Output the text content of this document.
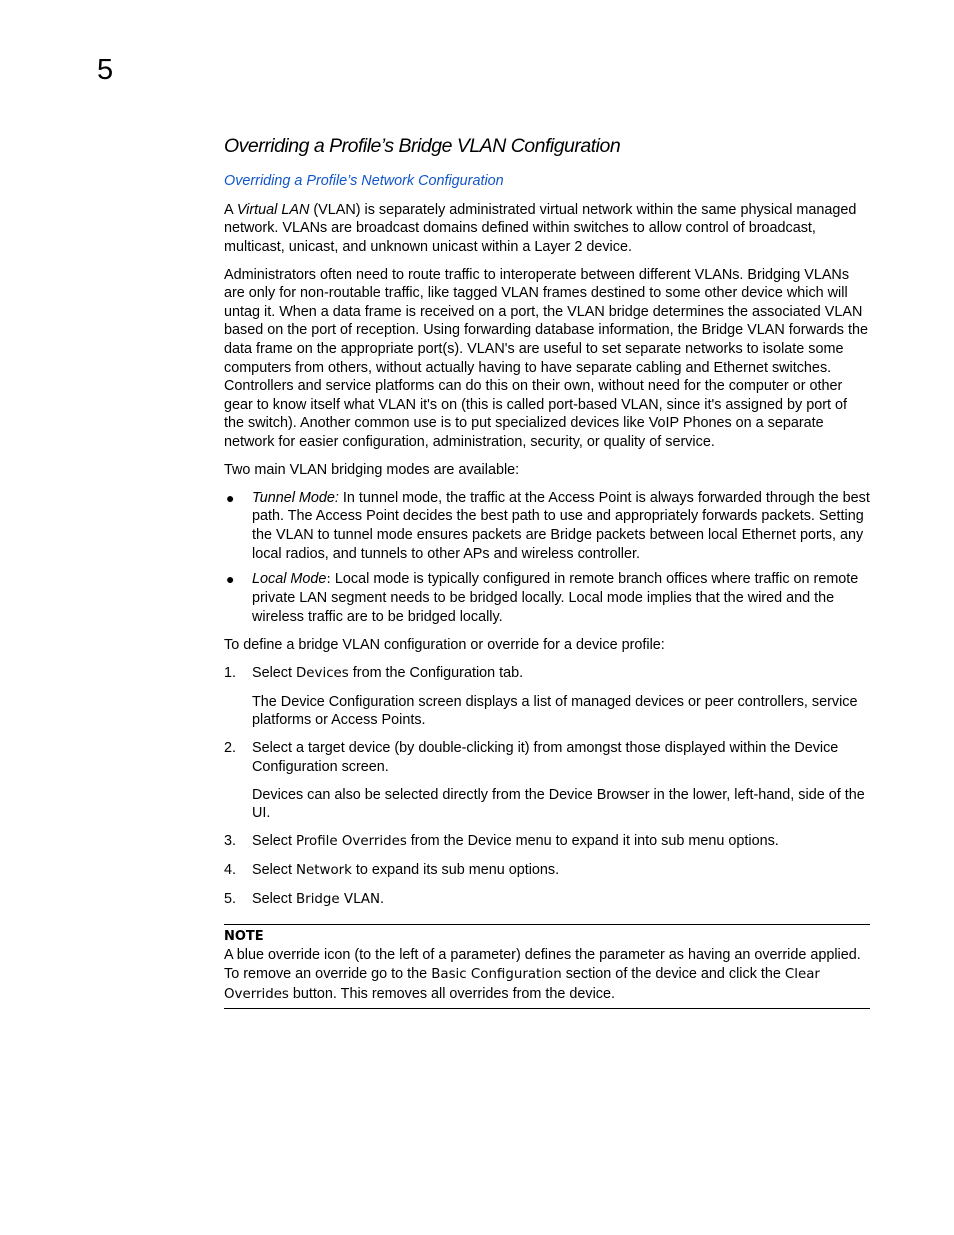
5
Overriding a Profile’s Bridge VLAN Configuration
Overriding a Profile’s Network Configuration

A Virtual LAN (VLAN) is separately administrated virtual network within the same physical managed network. VLANs are broadcast domains defined within switches to allow control of broadcast, multicast, unicast, and unknown unicast within a Layer 2 device.

Administrators often need to route traffic to interoperate between different VLANs. Bridging VLANs are only for non-routable traffic, like tagged VLAN frames destined to some other device which will untag it. When a data frame is received on a port, the VLAN bridge determines the associated VLAN based on the port of reception. Using forwarding database information, the Bridge VLAN forwards the data frame on the appropriate port(s). VLAN's are useful to set separate networks to isolate some computers from others, without actually having to have separate cabling and Ethernet switches. Controllers and service platforms can do this on their own, without need for the computer or other gear to know itself what VLAN it's on (this is called port-based VLAN, since it's assigned by port of the switch). Another common use is to put specialized devices like VoIP Phones on a separate network for easier configuration, administration, security, or quality of service.

Two main VLAN bridging modes are available:

● Tunnel Mode: In tunnel mode, the traffic at the Access Point is always forwarded through the best path. The Access Point decides the best path to use and appropriately forwards packets. Setting the VLAN to tunnel mode ensures packets are Bridge packets between local Ethernet ports, any local radios, and tunnels to other APs and wireless controller.
● Local Mode: Local mode is typically configured in remote branch offices where traffic on remote private LAN segment needs to be bridged locally. Local mode implies that the wired and the wireless traffic are to be bridged locally.

To define a bridge VLAN configuration or override for a device profile:

1. Select Devices from the Configuration tab.
The Device Configuration screen displays a list of managed devices or peer controllers, service platforms or Access Points.
2. Select a target device (by double-clicking it) from amongst those displayed within the Device Configuration screen.
Devices can also be selected directly from the Device Browser in the lower, left-hand, side of the UI.
3. Select Profile Overrides from the Device menu to expand it into sub menu options.
4. Select Network to expand its sub menu options.
5. Select Bridge VLAN.
NOTE
A blue override icon (to the left of a parameter) defines the parameter as having an override applied. To remove an override go to the Basic Configuration section of the device and click the Clear Overrides button. This removes all overrides from the device.
